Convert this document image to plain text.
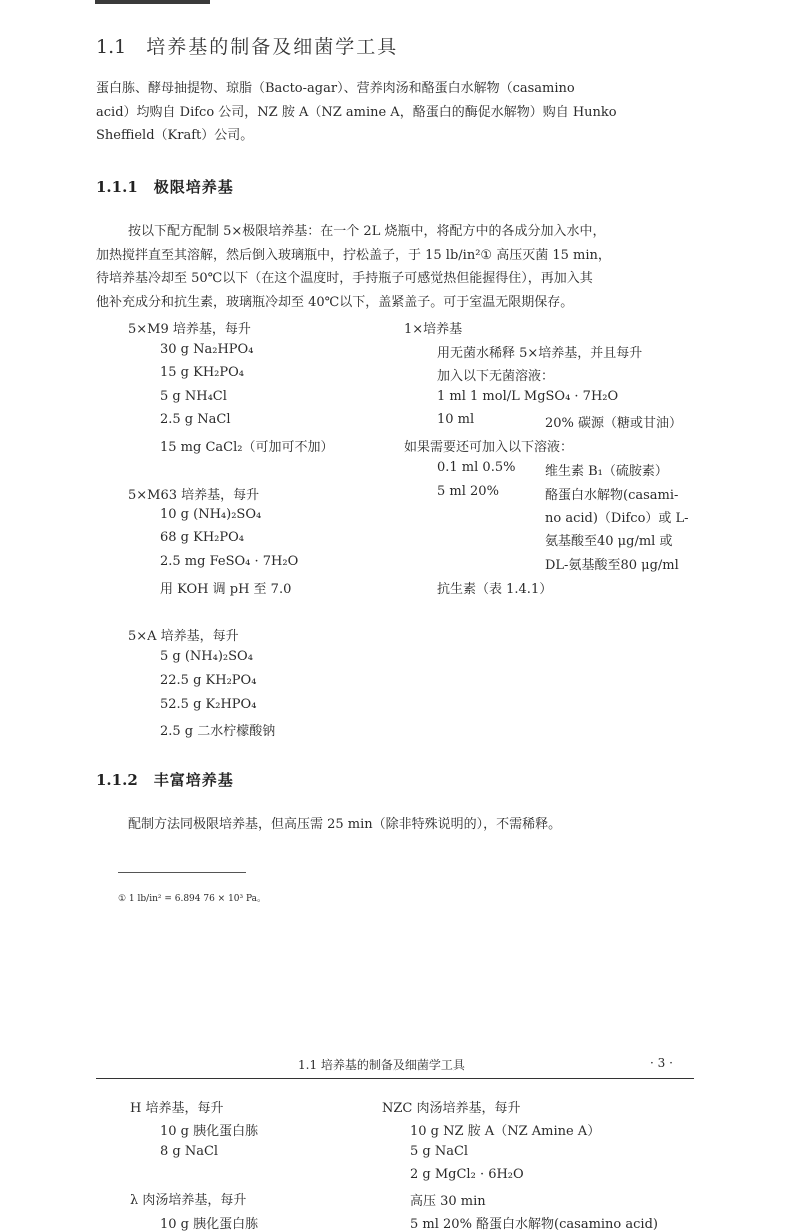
1.1 培养基的制备及细菌学工具
蛋白胨、酵母抽提物、琼脂（Bacto-agar）、营养肉汤和酪蛋白水解物（casamino
acid）均购自 Difco 公司，NZ 胺 A（NZ amine A，酪蛋白的酶促水解物）购自 Hunko
Sheffield（Kraft）公司。
1.1.1 极限培养基
按以下配方配制 5×极限培养基：在一个 2L 烧瓶中，将配方中的各成分加入水中，
加热搅拌直至其溶解，然后倒入玻璃瓶中，拧松盖子，于 15 lb/in²① 高压灭菌 15 min，
待培养基冷却至 50℃以下（在这个温度时，手持瓶子可感觉热但能握得住），再加入其
他补充成分和抗生素，玻璃瓶冷却至 40℃以下，盖紧盖子。可于室温无限期保存。
5×M9 培养基，每升
30 g Na₂HPO₄
15 g KH₂PO₄
5 g NH₄Cl
2.5 g NaCl
15 mg CaCl₂（可加可不加）
5×M63 培养基，每升
10 g (NH₄)₂SO₄
68 g KH₂PO₄
2.5 mg FeSO₄ · 7H₂O
用 KOH 调 pH 至 7.0
5×A 培养基，每升
5 g (NH₄)₂SO₄
22.5 g KH₂PO₄
52.5 g K₂HPO₄
2.5 g 二水柠檬酸钠
1×培养基
用无菌水稀释 5×培养基，并且每升
加入以下无菌溶液：
1 ml 1 mol/L MgSO₄ · 7H₂O
10 ml	20% 碳源（糖或甘油）
如果需要还可加入以下溶液：
0.1 ml 0.5% 维生素 B₁（硫胺素）
5 ml 20%	酪蛋白水解物(casami-
no acid)（Difco）或 L-
氨基酸至40 μg/ml 或
DL-氨基酸至80 μg/ml
抗生素（表 1.4.1）
1.1.2 丰富培养基
配制方法同极限培养基，但高压需 25 min（除非特殊说明的），不需稀释。
① 1 lb/in² = 6.894 76 × 10³ Pa。
1.1 培养基的制备及细菌学工具	· 3 ·
H 培养基，每升
10 g 胰化蛋白胨
8 g NaCl
λ 肉汤培养基，每升
10 g 胰化蛋白胨
NZC 肉汤培养基，每升
10 g NZ 胺 A（NZ Amine A）
5 g NaCl
2 g MgCl₂ · 6H₂O
高压 30 min
5 ml 20% 酪蛋白水解物(casamino acid)
